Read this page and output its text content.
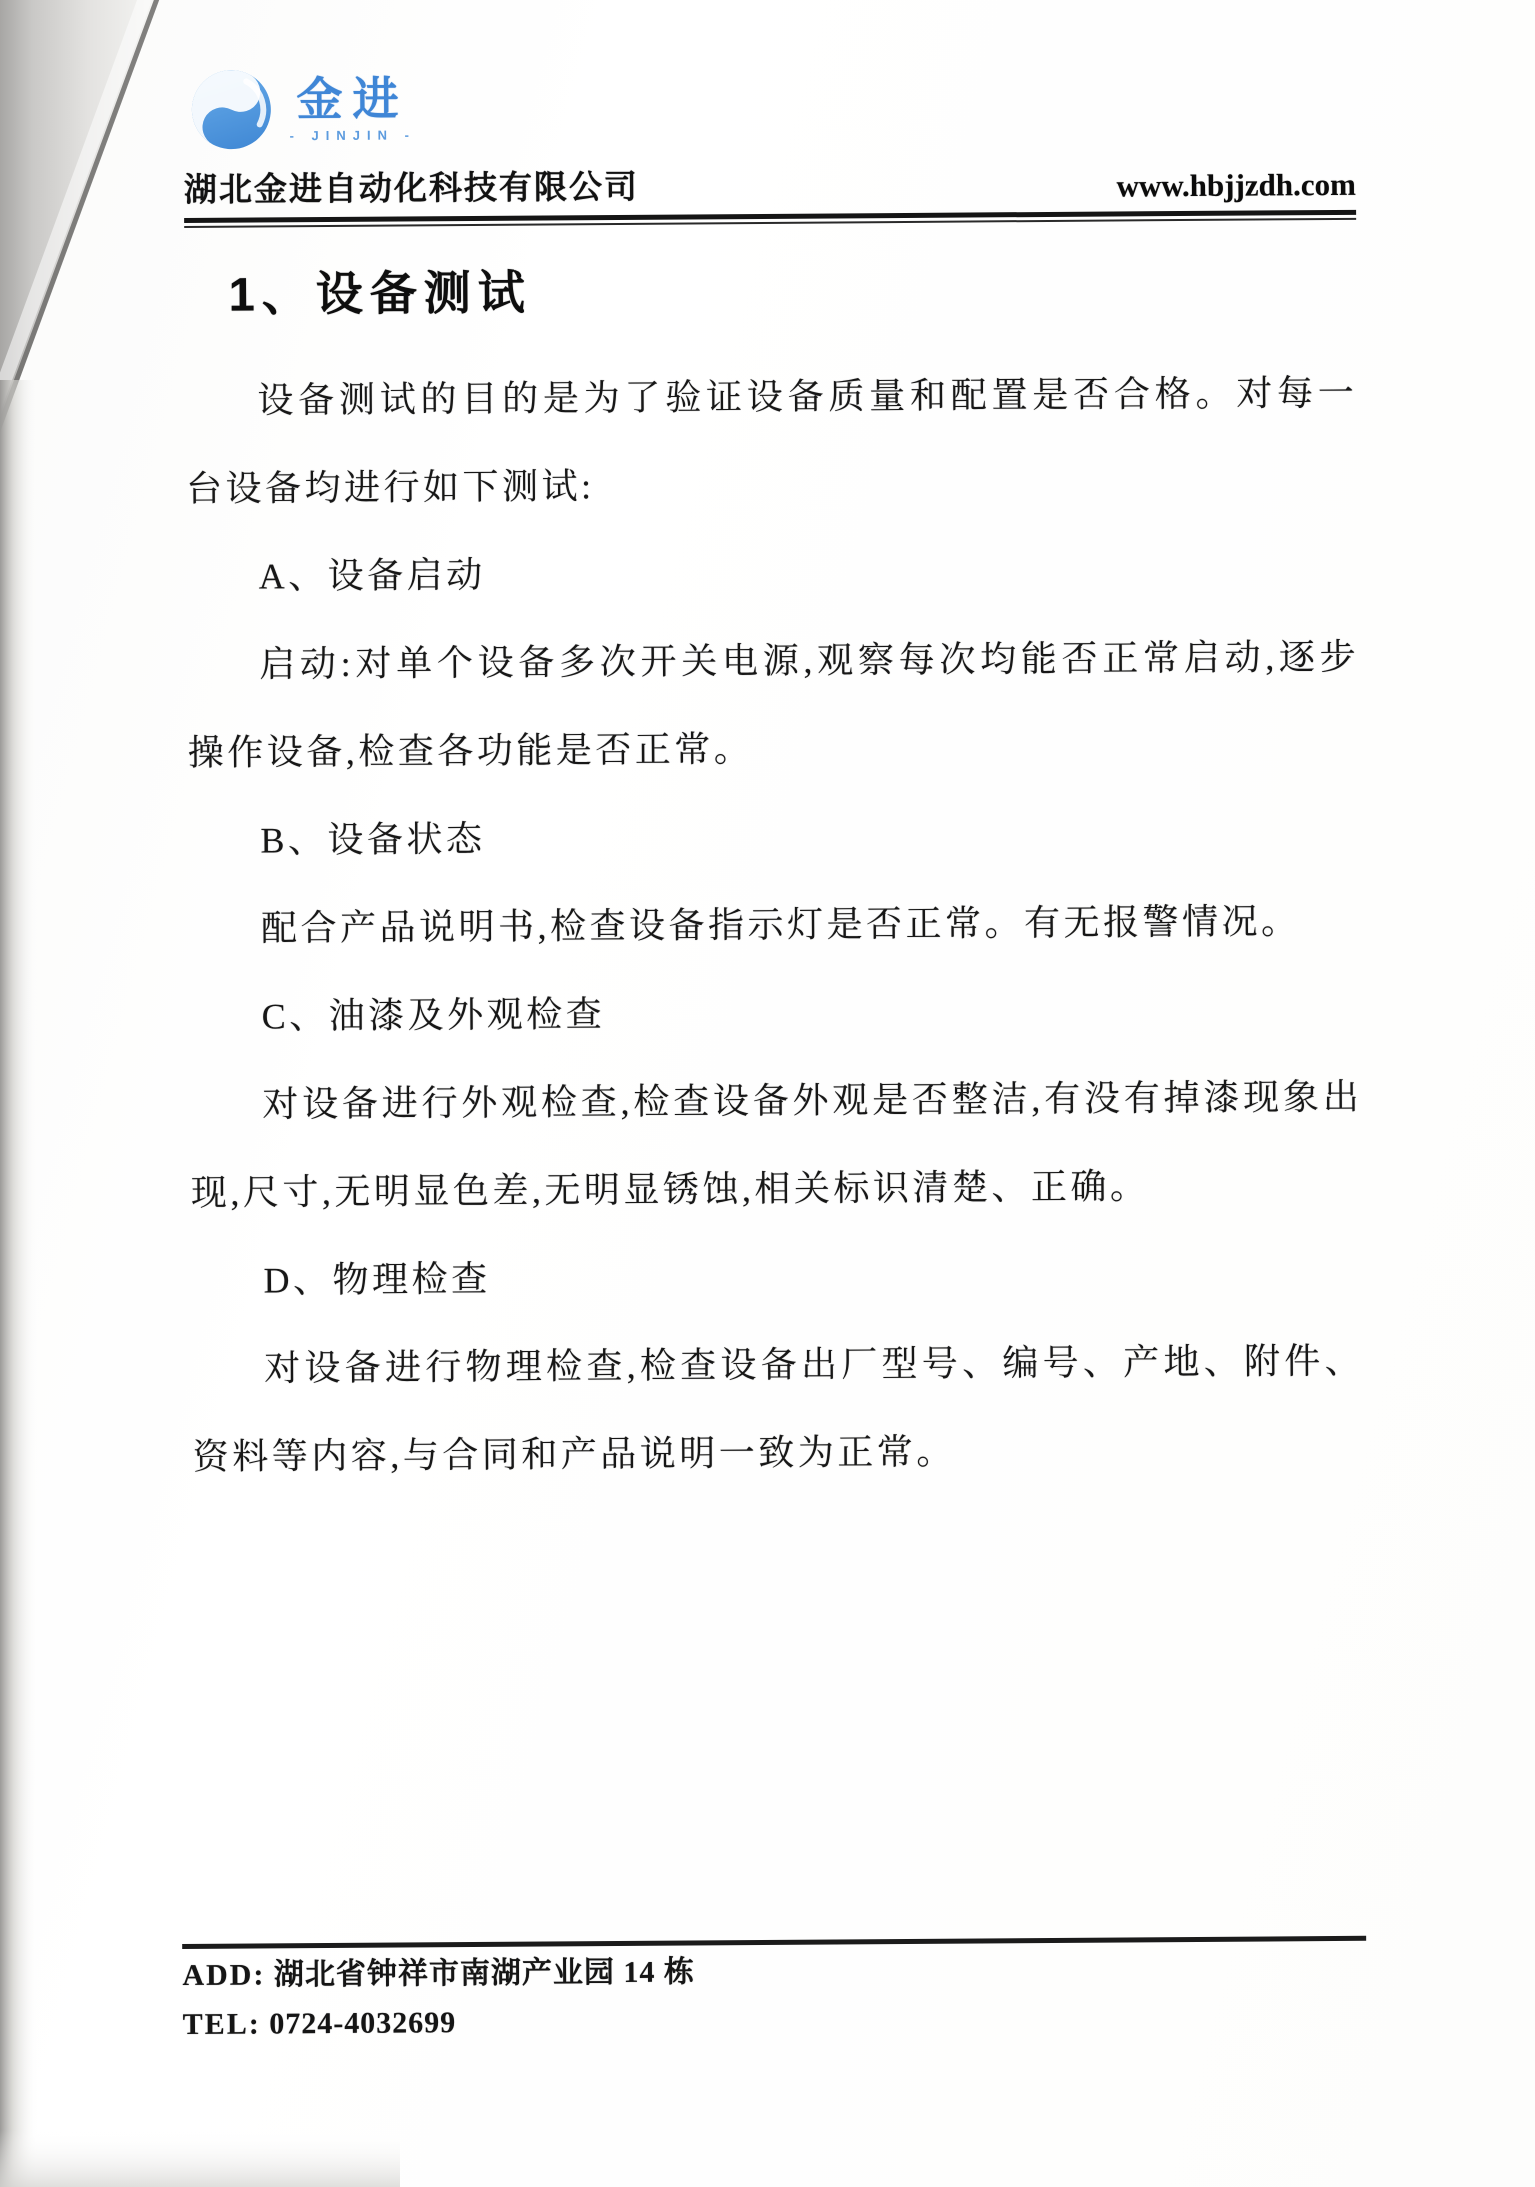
金进
- JINJIN -
湖北金进自动化科技有限公司	www.hbjjzdh.com
1、设备测试

设备测试的目的是为了验证设备质量和配置是否合格。对每一台设备均进行如下测试:

A、设备启动

启动:对单个设备多次开关电源,观察每次均能否正常启动,逐步操作设备,检查各功能是否正常。

B、设备状态

配合产品说明书,检查设备指示灯是否正常。有无报警情况。

C、油漆及外观检查

对设备进行外观检查,检查设备外观是否整洁,有没有掉漆现象出现,尺寸,无明显色差,无明显锈蚀,相关标识清楚、正确。

D、物理检查

对设备进行物理检查,检查设备出厂型号、编号、产地、附件、资料等内容,与合同和产品说明一致为正常。

ADD: 湖北省钟祥市南湖产业园 14 栋
TEL: 0724-4032699
